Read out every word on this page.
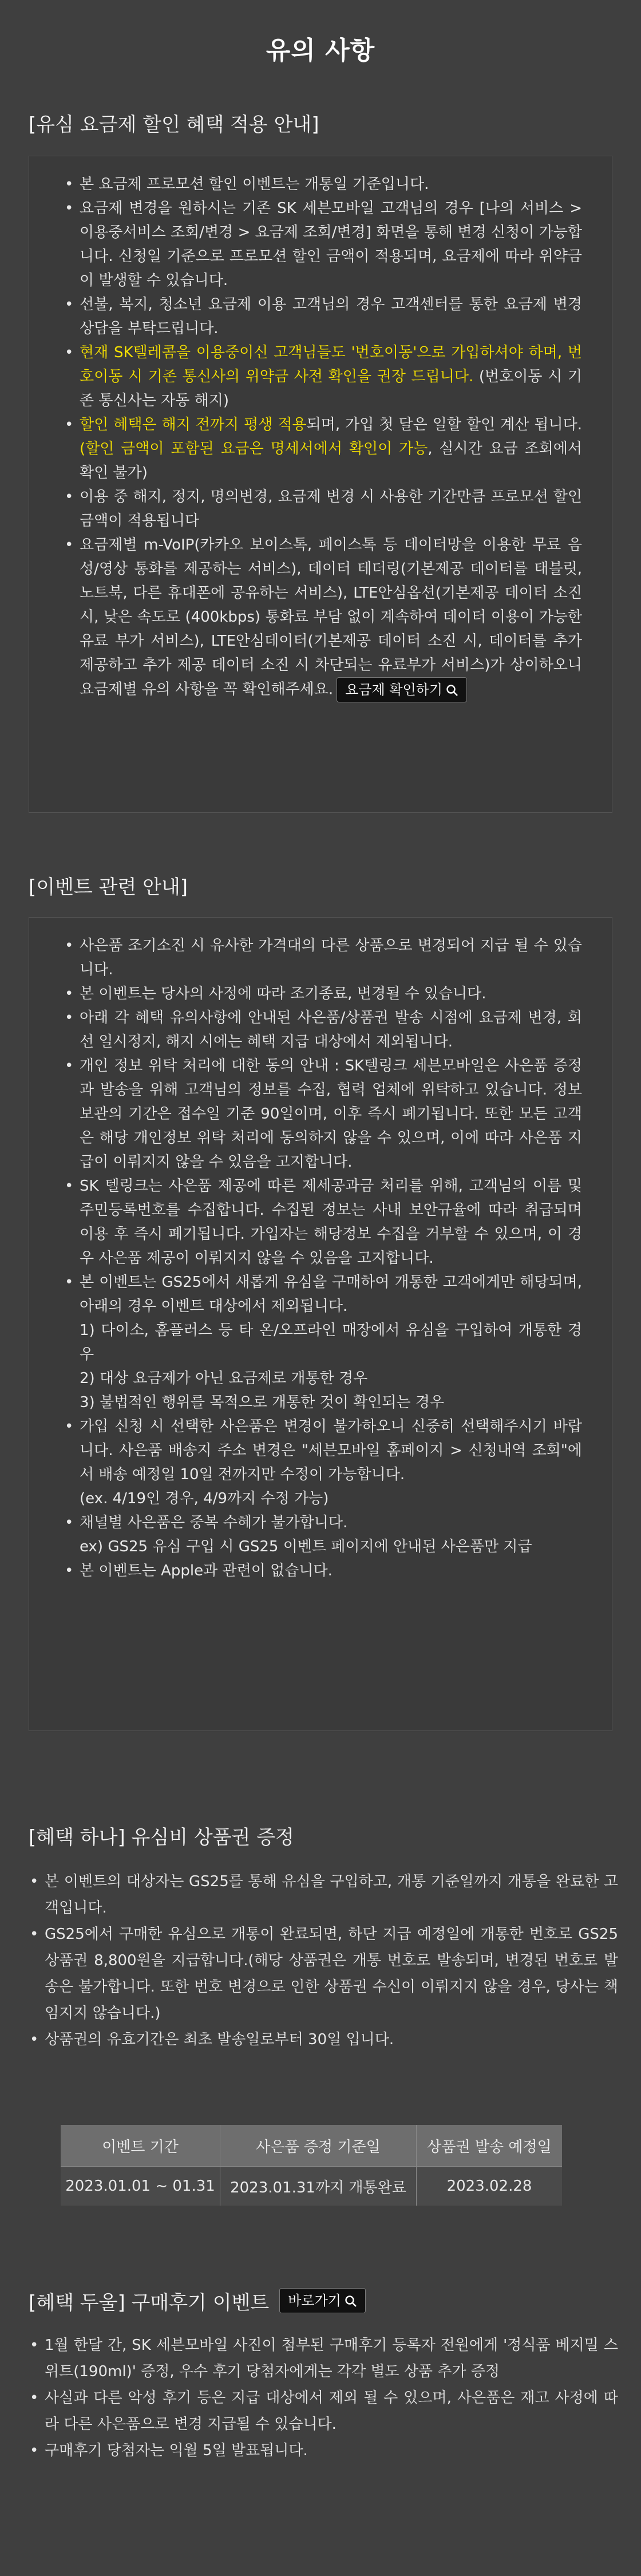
유의 사항
[유심 요금제 할인 혜택 적용 안내]
• 본 요금제 프로모션 할인 이벤트는 개통일 기준입니다.
• 요금제 변경을 원하시는 기존 SK 세븐모바일 고객님의 경우 [나의 서비스 > 이용중서비스 조회/변경 > 요금제 조회/변경] 화면을 통해 변경 신청이 가능합니다. 신청일 기준으로 프로모션 할인 금액이 적용되며, 요금제에 따라 위약금이 발생할 수 있습니다.
• 선불, 복지, 청소년 요금제 이용 고객님의 경우 고객센터를 통한 요금제 변경 상담을 부탁드립니다.
• 현재 SK텔레콤을 이용중이신 고객님들도 '번호이동'으로 가입하셔야 하며, 번호이동 시 기존 통신사의 위약금 사전 확인을 권장 드립니다. (번호이동 시 기존 통신사는 자동 해지)
• 할인 혜택은 해지 전까지 평생 적용되며, 가입 첫 달은 일할 할인 계산 됩니다. (할인 금액이 포함된 요금은 명세서에서 확인이 가능, 실시간 요금 조회에서 확인 불가)
• 이용 중 해지, 정지, 명의변경, 요금제 변경 시 사용한 기간만큼 프로모션 할인 금액이 적용됩니다
• 요금제별 m-VoIP(카카오 보이스톡, 페이스톡 등 데이터망을 이용한 무료 음성/영상 통화를 제공하는 서비스), 데이터 테더링(기본제공 데이터를 태블릿, 노트북, 다른 휴대폰에 공유하는 서비스), LTE안심옵션(기본제공 데이터 소진 시, 낮은 속도로 (400kbps) 통화료 부담 없이 계속하여 데이터 이용이 가능한 유료 부가 서비스), LTE안심데이터(기본제공 데이터 소진 시, 데이터를 추가 제공하고 추가 제공 데이터 소진 시 차단되는 유료부가 서비스)가 상이하오니 요금제별 유의 사항을 꼭 확인해주세요. 요금제 확인하기
[이벤트 관련 안내]
• 사은품 조기소진 시 유사한 가격대의 다른 상품으로 변경되어 지급 될 수 있습니다.
• 본 이벤트는 당사의 사정에 따라 조기종료, 변경될 수 있습니다.
• 아래 각 혜택 유의사항에 안내된 사은품/상품권 발송 시점에 요금제 변경, 회선 일시정지, 해지 시에는 혜택 지급 대상에서 제외됩니다.
• 개인 정보 위탁 처리에 대한 동의 안내 : SK텔링크 세븐모바일은 사은품 증정과 발송을 위해 고객님의 정보를 수집, 협력 업체에 위탁하고 있습니다. 정보 보관의 기간은 접수일 기준 90일이며, 이후 즉시 폐기됩니다. 또한 모든 고객은 해당 개인정보 위탁 처리에 동의하지 않을 수 있으며, 이에 따라 사은품 지급이 이뤄지지 않을 수 있음을 고지합니다.
• SK 텔링크는 사은품 제공에 따른 제세공과금 처리를 위해, 고객님의 이름 및 주민등록번호를 수집합니다. 수집된 정보는 사내 보안규율에 따라 취급되며 이용 후 즉시 폐기됩니다. 가입자는 해당정보 수집을 거부할 수 있으며, 이 경우 사은품 제공이 이뤄지지 않을 수 있음을 고지합니다.
• 본 이벤트는 GS25에서 새롭게 유심을 구매하여 개통한 고객에게만 해당되며, 아래의 경우 이벤트 대상에서 제외됩니다.
1) 다이소, 홈플러스 등 타 온/오프라인 매장에서 유심을 구입하여 개통한 경우
2) 대상 요금제가 아닌 요금제로 개통한 경우
3) 불법적인 행위를 목적으로 개통한 것이 확인되는 경우
• 가입 신청 시 선택한 사은품은 변경이 불가하오니 신중히 선택해주시기 바랍니다. 사은품 배송지 주소 변경은 "세븐모바일 홈페이지 > 신청내역 조회"에서 배송 예정일 10일 전까지만 수정이 가능합니다.
(ex. 4/19인 경우, 4/9까지 수정 가능)
• 채널별 사은품은 중복 수혜가 불가합니다.
ex) GS25 유심 구입 시 GS25 이벤트 페이지에 안내된 사은품만 지급
• 본 이벤트는 Apple과 관련이 없습니다.
[혜택 하나] 유심비 상품권 증정
• 본 이벤트의 대상자는 GS25를 통해 유심을 구입하고, 개통 기준일까지 개통을 완료한 고객입니다.
• GS25에서 구매한 유심으로 개통이 완료되면, 하단 지급 예정일에 개통한 번호로 GS25 상품권 8,800원을 지급합니다.(해당 상품권은 개통 번호로 발송되며, 변경된 번호로 발송은 불가합니다. 또한 번호 변경으로 인한 상품권 수신이 이뤄지지 않을 경우, 당사는 책임지지 않습니다.)
• 상품권의 유효기간은 최초 발송일로부터 30일 입니다.
이벤트 기간	사은품 증정 기준일	상품권 발송 예정일
2023.01.01 ~ 01.31	2023.01.31까지 개통완료	2023.02.28
[혜택 두울] 구매후기 이벤트	바로가기
• 1월 한달 간, SK 세븐모바일 사진이 첨부된 구매후기 등록자 전원에게 '정식품 베지밀 스위트(190ml)' 증정, 우수 후기 당첨자에게는 각각 별도 상품 추가 증정
• 사실과 다른 악성 후기 등은 지급 대상에서 제외 될 수 있으며, 사은품은 재고 사정에 따라 다른 사은품으로 변경 지급될 수 있습니다.
• 구매후기 당첨자는 익월 5일 발표됩니다.
